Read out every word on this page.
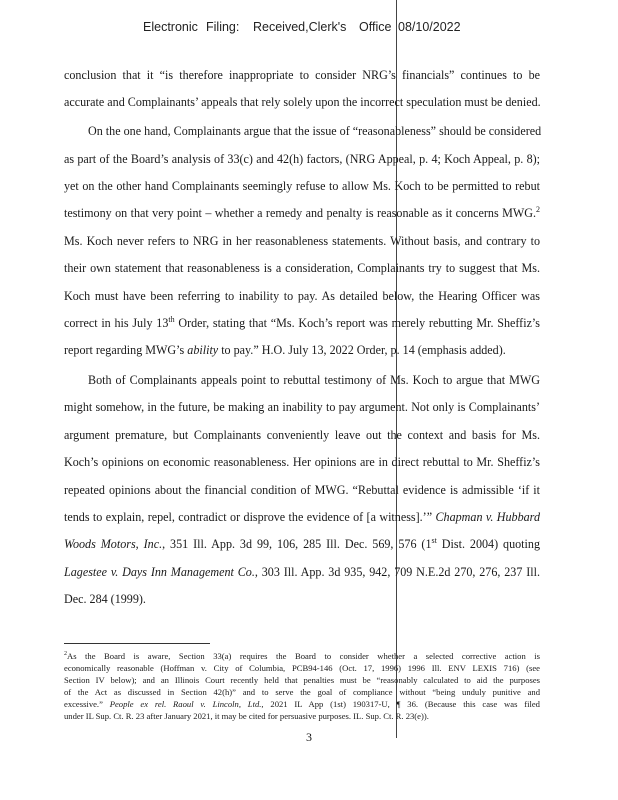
Electronic Filing: Received,Clerk's Office 08/10/2022
conclusion that it “is therefore inappropriate to consider NRG’s financials” continues to be
accurate and Complainants’ appeals that rely solely upon the incorrect speculation must be denied.
On the one hand, Complainants argue that the issue of “reasonableness” should be considered
as part of the Board’s analysis of 33(c) and 42(h) factors, (NRG Appeal, p. 4; Koch Appeal, p. 8);
yet on the other hand Complainants seemingly refuse to allow Ms. Koch to be permitted to rebut
testimony on that very point – whether a remedy and penalty is reasonable as it concerns MWG.$^2$
Ms. Koch never refers to NRG in her reasonableness statements. Without basis, and contrary to
their own statement that reasonableness is a consideration, Complainants try to suggest that Ms.
Koch must have been referring to inability to pay. As detailed below, the Hearing Officer was
correct in his July 13th Order, stating that “Ms. Koch’s report was merely rebutting Mr. Sheffiz’s
report regarding MWG’s ability to pay.” H.O. July 13, 2022 Order, p. 14 (emphasis added).
Both of Complainants appeals point to rebuttal testimony of Ms. Koch to argue that MWG
might somehow, in the future, be making an inability to pay argument. Not only is Complainants’
argument premature, but Complainants conveniently leave out the context and basis for Ms.
Koch’s opinions on economic reasonableness. Her opinions are in direct rebuttal to Mr. Sheffiz’s
repeated opinions about the financial condition of MWG. “Rebuttal evidence is admissible ‘if it
tends to explain, repel, contradict or disprove the evidence of [a witness].’” Chapman v. Hubbard
Woods Motors, Inc., 351 Ill. App. 3d 99, 106, 285 Ill. Dec. 569, 576 (1st Dist. 2004) quoting
Lagestee v. Days Inn Management Co., 303 Ill. App. 3d 935, 942, 709 N.E.2d 270, 276, 237 Ill.
Dec. 284 (1999).
$^2$As the Board is aware, Section 33(a) requires the Board to consider whether a selected corrective action is
economically reasonable (Hoffman v. City of Columbia, PCB94-146 (Oct. 17, 1996) 1996 Ill. ENV LEXIS 716) (see
Section IV below); and an Illinois Court recently held that penalties must be “reasonably calculated to aid the purposes
of the Act as discussed in Section 42(h)” and to serve the goal of compliance without “being unduly punitive and
excessive.” People ex rel. Raoul v. Lincoln, Ltd., 2021 IL App (1st) 190317-U, ¶ 36. (Because this case was filed
under IL Sup. Ct. R. 23 after January 2021, it may be cited for persuasive purposes. IL. Sup. Ct. R. 23(e)).
3
